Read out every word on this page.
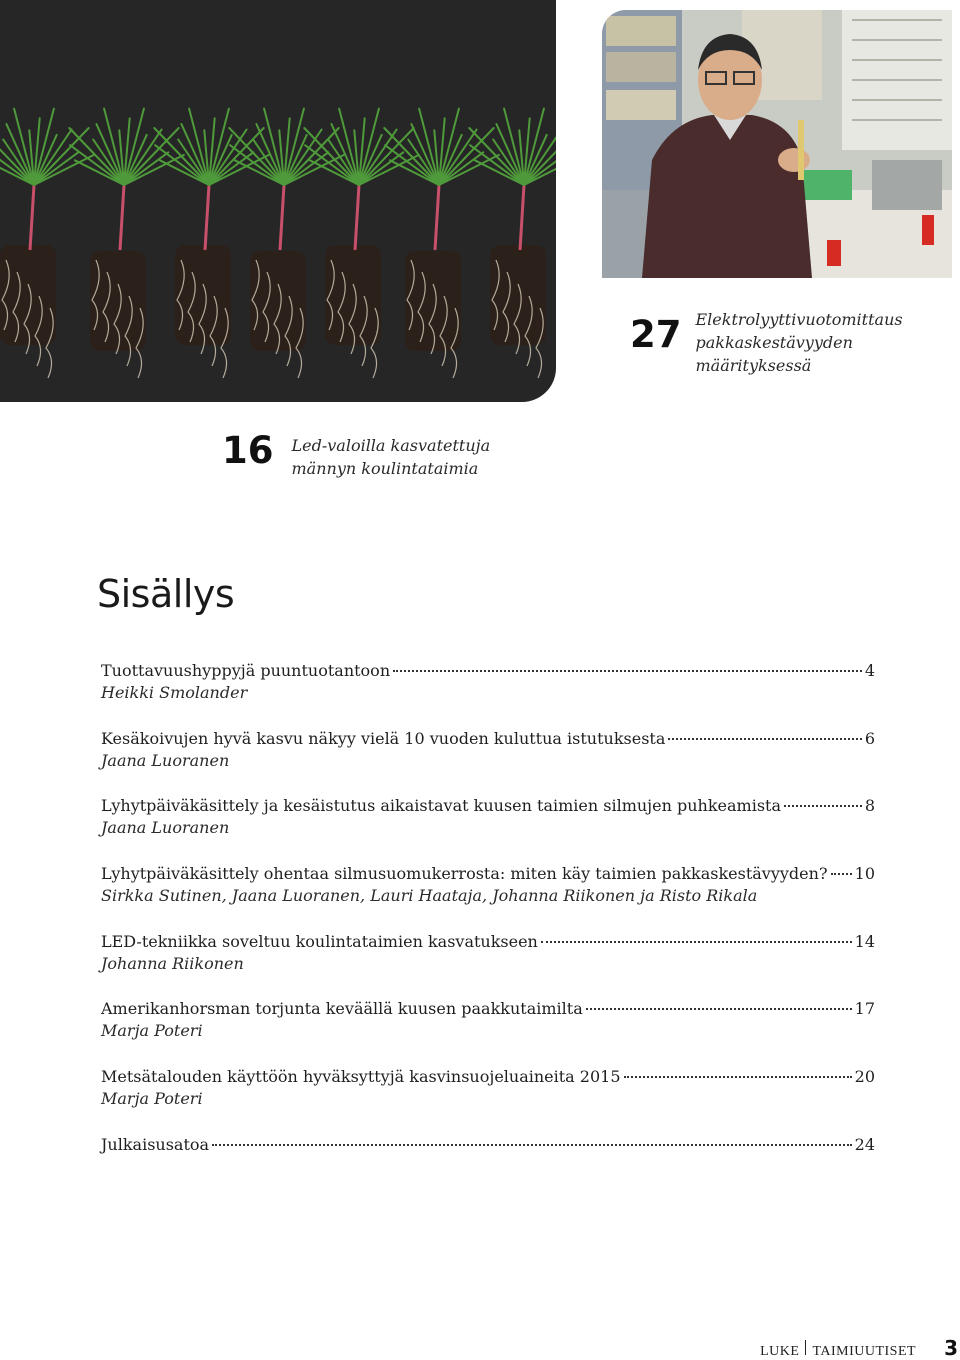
27 Elektrolyyttivuotomittaus
pakkaskestävyyden määrityksessä
16 Led-valoilla kasvatettuja
männyn koulintataimia
Sisällys
Tuottavuushyppyjä puuntuotantoon	4
Heikki Smolander
Kesäkoivujen hyvä kasvu näkyy vielä 10 vuoden kuluttua istutuksesta	6
Jaana Luoranen
Lyhytpäiväkäsittely ja kesäistutus aikaistavat kuusen taimien silmujen puhkeamista	8
Jaana Luoranen
Lyhytpäiväkäsittely ohentaa silmusuomukerrosta: miten käy taimien pakkaskestävyyden? 10
Sirkka Sutinen, Jaana Luoranen, Lauri Haataja, Johanna Riikonen ja Risto Rikala
LED-tekniikka soveltuu koulintataimien kasvatukseen	14
Johanna Riikonen
Amerikanhorsman torjunta keväällä kuusen paakkutaimilta	17
Marja Poteri
Metsätalouden käyttöön hyväksyttyjä kasvinsuojeluaineita 2015	20
Marja Poteri
Julkaisusatoa	24
LUKE TAIMIUUTISET 3
